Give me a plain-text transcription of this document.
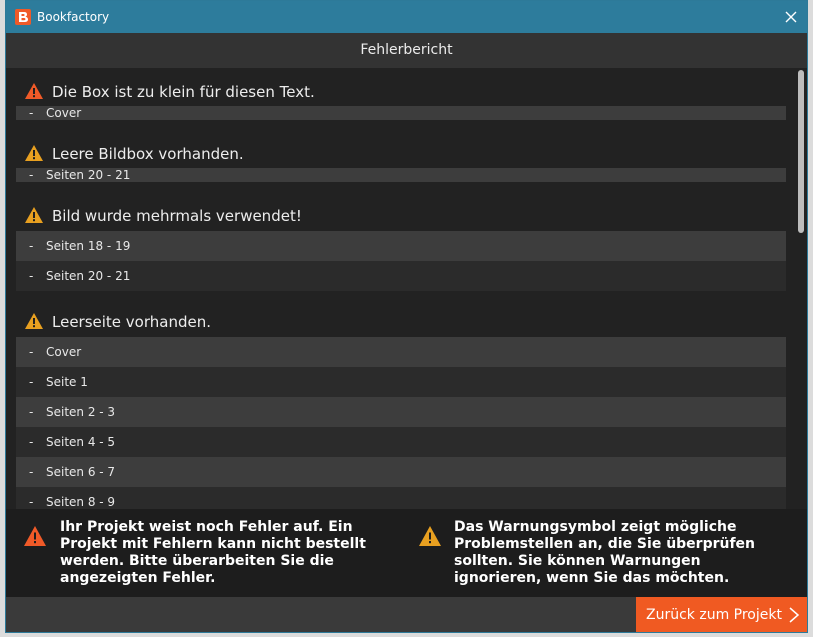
Bookfactory
Fehlerbericht
Die Box ist zu klein für diesen Text.
- Cover
Leere Bildbox vorhanden.
- Seiten 20 - 21
Bild wurde mehrmals verwendet!
- Seiten 18 - 19
- Seiten 20 - 21
Leerseite vorhanden.
- Cover
- Seite 1
- Seiten 2 - 3
- Seiten 4 - 5
- Seiten 6 - 7
- Seiten 8 - 9
Ihr Projekt weist noch Fehler auf. Ein Projekt mit Fehlern kann nicht bestellt werden. Bitte überarbeiten Sie die angezeigten Fehler.
Das Warnungsymbol zeigt mögliche Problemstellen an, die Sie überprüfen sollten. Sie können Warnungen ignorieren, wenn Sie das möchten.
Zurück zum Projekt
